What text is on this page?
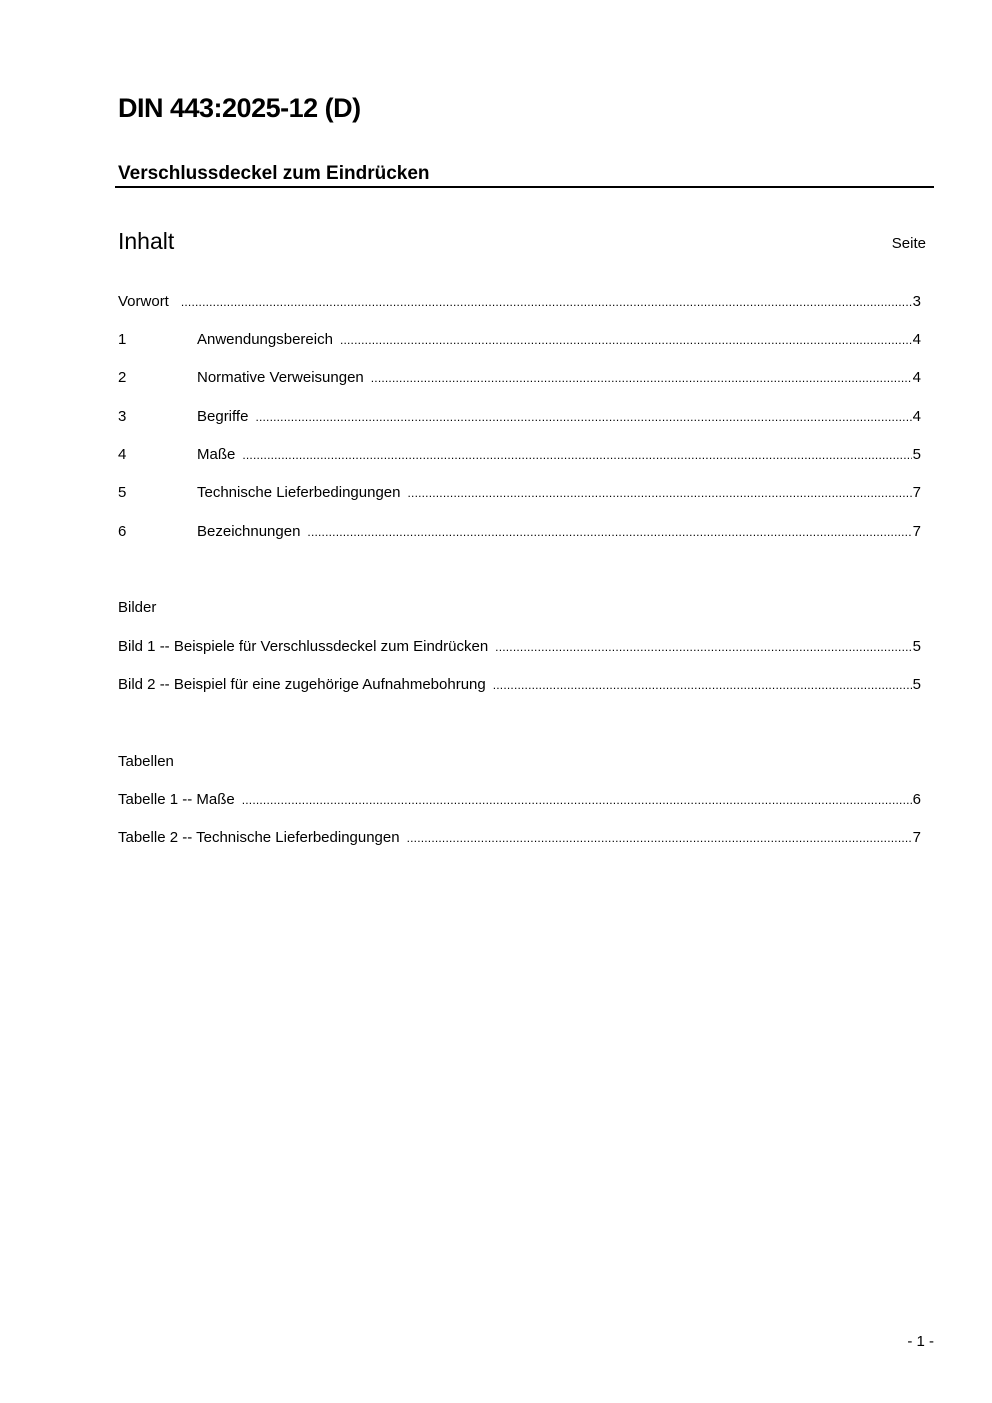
DIN 443:2025-12 (D)
Verschlussdeckel zum Eindrücken
Inhalt	Seite
Vorwort .....	3
1	Anwendungsbereich .....	4
2	Normative Verweisungen .....	4
3	Begriffe .....	4
4	Maße .....	5
5	Technische Lieferbedingungen .....	7
6	Bezeichnungen .....	7
Bilder
Bild 1 -- Beispiele für Verschlussdeckel zum Eindrücken .....	5
Bild 2 -- Beispiel für eine zugehörige Aufnahmebohrung .....	5
Tabellen
Tabelle 1 -- Maße .....	6
Tabelle 2 -- Technische Lieferbedingungen .....	7
- 1 -
